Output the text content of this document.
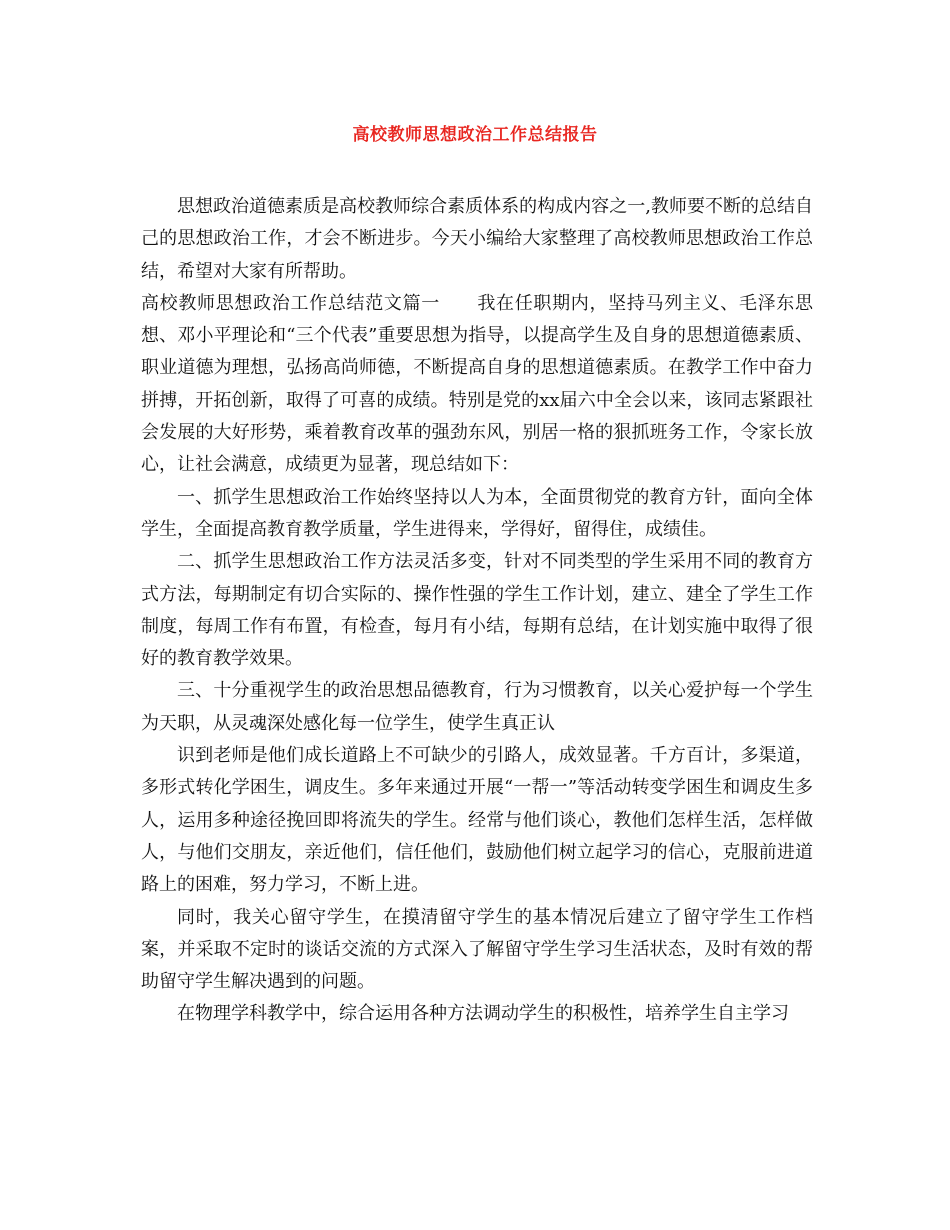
高校教师思想政治工作总结报告

思想政治道德素质是高校教师综合素质体系的构成内容之一,教师要不断的总结自己的思想政治工作，才会不断进步。今天小编给大家整理了高校教师思想政治工作总结，希望对大家有所帮助。

高校教师思想政治工作总结范文篇一　　我在任职期内，坚持马列主义、毛泽东思想、邓小平理论和“三个代表”重要思想为指导，以提高学生及自身的思想道德素质、职业道德为理想，弘扬高尚师德，不断提高自身的思想道德素质。在教学工作中奋力拼搏，开拓创新，取得了可喜的成绩。特别是党的xx届六中全会以来，该同志紧跟社会发展的大好形势，乘着教育改革的强劲东风，别居一格的狠抓班务工作，令家长放心，让社会满意，成绩更为显著，现总结如下：

一、抓学生思想政治工作始终坚持以人为本，全面贯彻党的教育方针，面向全体学生，全面提高教育教学质量，学生进得来，学得好，留得住，成绩佳。

二、抓学生思想政治工作方法灵活多变，针对不同类型的学生采用不同的教育方式方法，每期制定有切合实际的、操作性强的学生工作计划，建立、建全了学生工作制度，每周工作有布置，有检查，每月有小结，每期有总结，在计划实施中取得了很好的教育教学效果。

三、十分重视学生的政治思想品德教育，行为习惯教育，以关心爱护每一个学生为天职，从灵魂深处感化每一位学生，使学生真正认

识到老师是他们成长道路上不可缺少的引路人，成效显著。千方百计，多渠道，多形式转化学困生，调皮生。多年来通过开展“一帮一”等活动转变学困生和调皮生多人，运用多种途径挽回即将流失的学生。经常与他们谈心，教他们怎样生活，怎样做人，与他们交朋友，亲近他们，信任他们，鼓励他们树立起学习的信心，克服前进道路上的困难，努力学习，不断上进。

同时，我关心留守学生，在摸清留守学生的基本情况后建立了留守学生工作档案，并采取不定时的谈话交流的方式深入了解留守学生学习生活状态，及时有效的帮助留守学生解决遇到的问题。

在物理学科教学中，综合运用各种方法调动学生的积极性，培养学生自主学习
